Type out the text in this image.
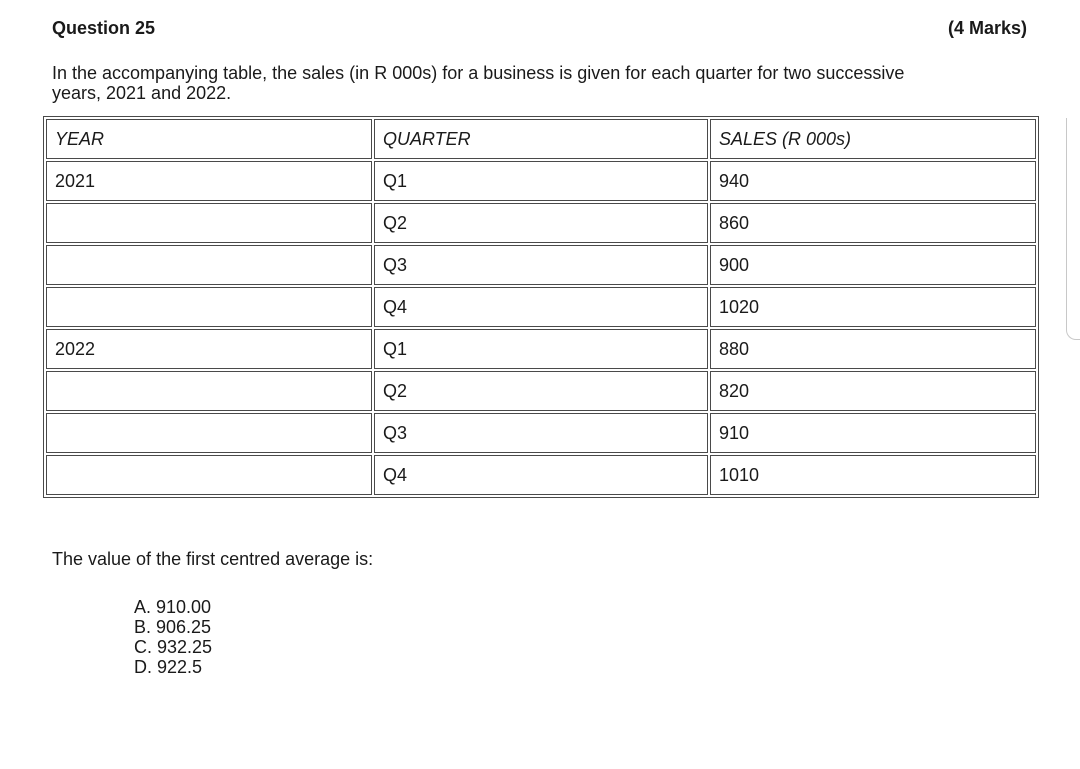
Question 25	(4 Marks)
In the accompanying table, the sales (in R 000s) for a business is given for each quarter for two successive years, 2021 and 2022.
YEAR	QUARTER	SALES (R 000s)
2021	Q1	940
	Q2	860
	Q3	900
	Q4	1020
2022	Q1	880
	Q2	820
	Q3	910
	Q4	1010
The value of the first centred average is:
A. 910.00
B. 906.25
C. 932.25
D. 922.5
